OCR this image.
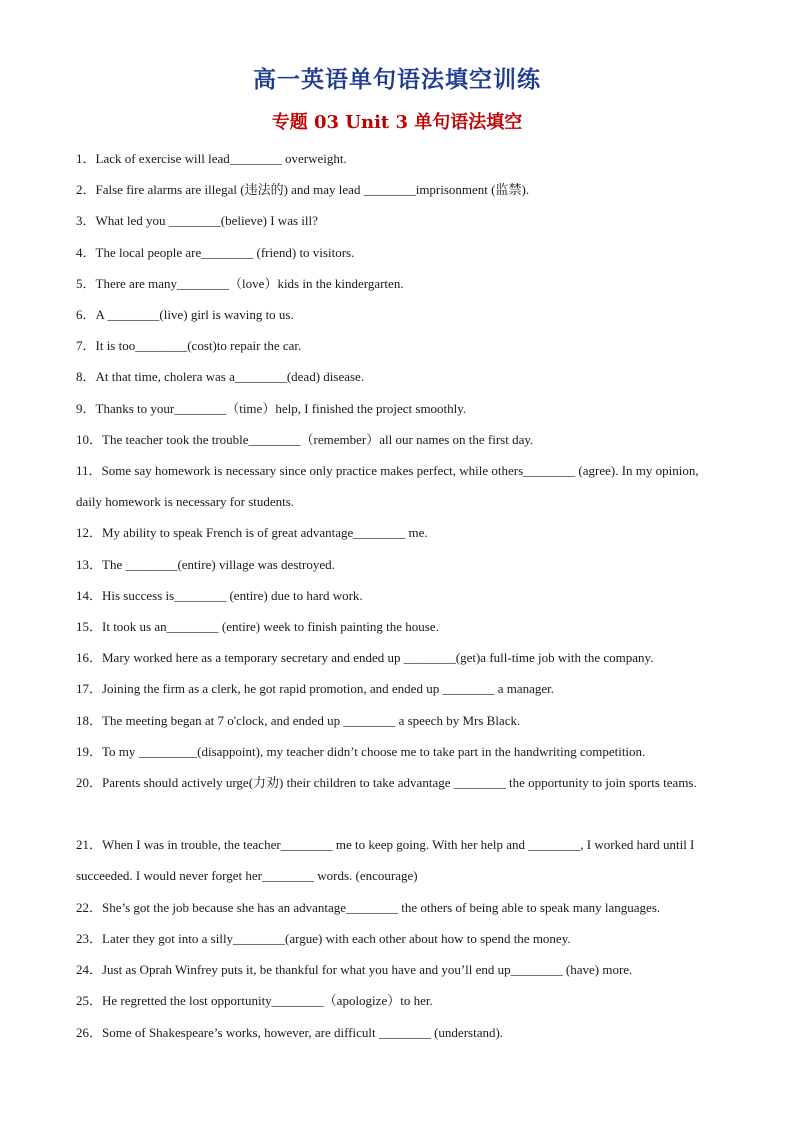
高一英语单句语法填空训练
专题 03 Unit 3 单句语法填空

1．Lack of exercise will lead________ overweight.

2．False fire alarms are illegal (违法的) and may lead ________imprisonment (监禁).

3．What led you ________(believe) I was ill?

4．The local people are________ (friend) to visitors.

5．There are many________（love）kids in the kindergarten.

6．A ________(live) girl is waving to us.

7．It is too________(cost)to repair the car.

8．At that time, cholera was a________(dead) disease.

9．Thanks to your________（time）help, I finished the project smoothly.

10．The teacher took the trouble________（remember）all our names on the first day.

11．Some say homework is necessary since only practice makes perfect, while others________ (agree). In my opinion, daily homework is necessary for students.

12．My ability to speak French is of great advantage________ me.

13．The ________(entire) village was destroyed.

14．His success is________ (entire) due to hard work.

15．It took us an________ (entire) week to finish painting the house.

16．Mary worked here as a temporary secretary and ended up ________(get)a full-time job with the company.

17．Joining the firm as a clerk, he got rapid promotion, and ended up ________ a manager.

18．The meeting began at 7 o'clock, and ended up ________ a speech by Mrs Black.

19．To my _________(disappoint), my teacher didn’t choose me to take part in the handwriting competition.

20．Parents should actively urge(力劝) their children to take advantage ________ the opportunity to join sports teams.

21．When I was in trouble, the teacher________ me to keep going. With her help and ________, I worked hard until I succeeded. I would never forget her________ words. (encourage)

22．She’s got the job because she has an advantage________ the others of being able to speak many languages.

23．Later they got into a silly________(argue) with each other about how to spend the money.

24．Just as Oprah Winfrey puts it, be thankful for what you have and you’ll end up________ (have) more.

25．He regretted the lost opportunity________（apologize）to her.

26．Some of Shakespeare’s works, however, are difficult ________ (understand).
